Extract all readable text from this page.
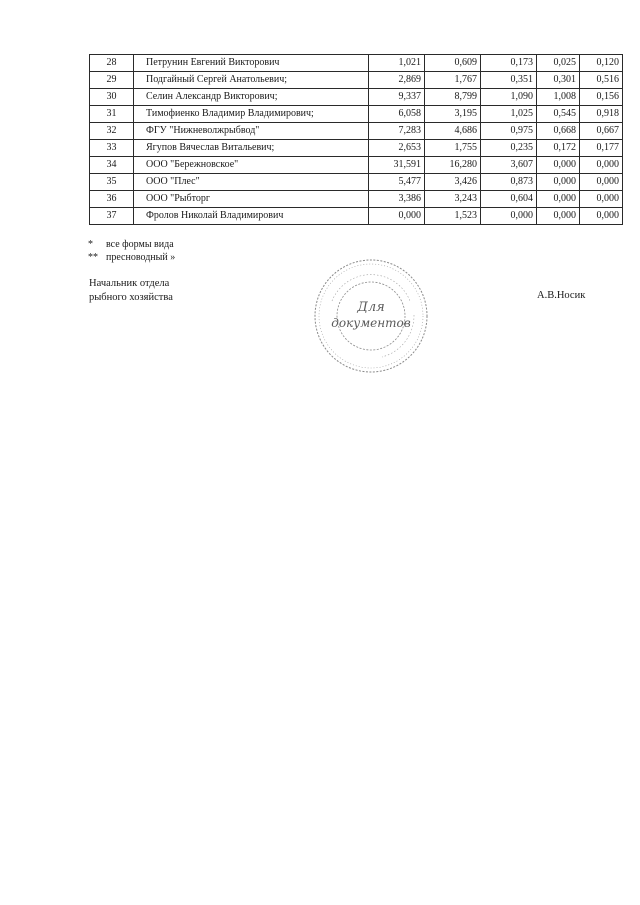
28	Петрунин Евгений Викторович	1,021	0,609	0,173	0,025	0,120
29	Подгайный Сергей Анатольевич;	2,869	1,767	0,351	0,301	0,516
30	Селин Александр Викторович;	9,337	8,799	1,090	1,008	0,156
31	Тимофиенко Владимир Владимирович;	6,058	3,195	1,025	0,545	0,918
32	ФГУ "Нижневолжрыбвод"	7,283	4,686	0,975	0,668	0,667
33	Ягупов Вячеслав Витальевич;	2,653	1,755	0,235	0,172	0,177
34	ООО "Бережновское"	31,591	16,280	3,607	0,000	0,000
35	ООО "Плес"	5,477	3,426	0,873	0,000	0,000
36	ООО "Рыбторг	3,386	3,243	0,604	0,000	0,000
37	Фролов Николай Владимирович	0,000	1,523	0,000	0,000	0,000
* все формы вида
** пресноводный »
Начальник отдела
рыбного хозяйства
Для
документов
А.В.Носик
